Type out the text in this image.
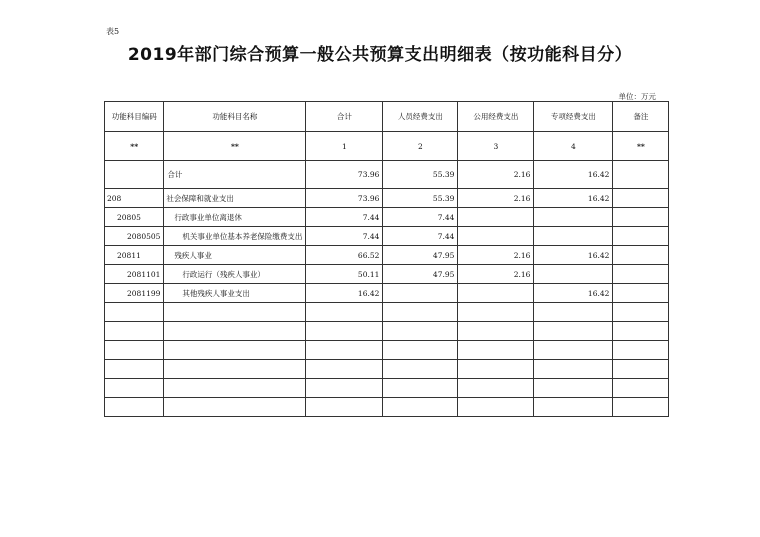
表5
2019年部门综合预算一般公共预算支出明细表（按功能科目分）
单位：万元
功能科目编码	功能科目名称	合计	人员经费支出	公用经费支出	专项经费支出	备注
**	**	1	2	3	4	**
	合计	73.96	55.39	2.16	16.42	
208	社会保障和就业支出	73.96	55.39	2.16	16.42	
20805	行政事业单位离退休	7.44	7.44			
2080505	机关事业单位基本养老保险缴费支出	7.44	7.44			
20811	残疾人事业	66.52	47.95	2.16	16.42	
2081101	行政运行（残疾人事业）	50.11	47.95	2.16		
2081199	其他残疾人事业支出	16.42			16.42	
